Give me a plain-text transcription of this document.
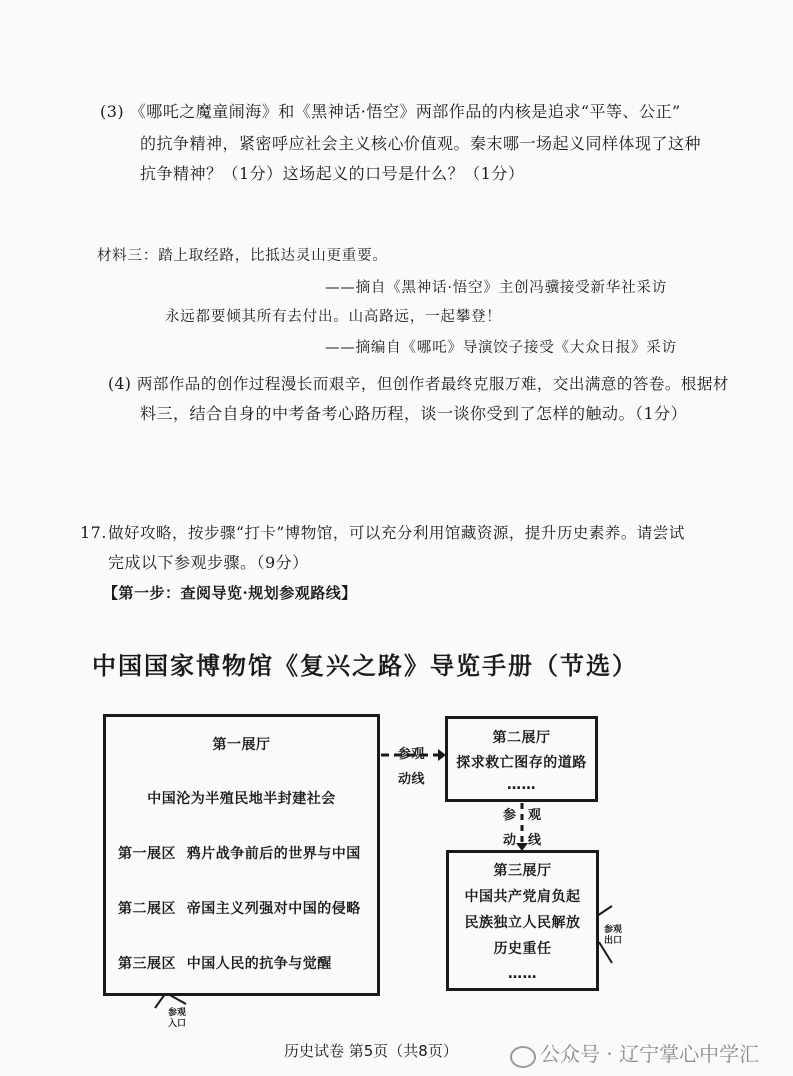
(3) 《哪吒之魔童闹海》和《黑神话·悟空》两部作品的内核是追求“平等、公正”
的抗争精神，紧密呼应社会主义核心价值观。秦末哪一场起义同样体现了这种
抗争精神？（1分）这场起义的口号是什么？（1分）
材料三：踏上取经路，比抵达灵山更重要。
——摘自《黑神话·悟空》主创冯骥接受新华社采访
永远都要倾其所有去付出。山高路远，一起攀登！
——摘编自《哪吒》导演饺子接受《大众日报》采访
(4) 两部作品的创作过程漫长而艰辛，但创作者最终克服万难，交出满意的答卷。根据材
料三，结合自身的中考备考心路历程，谈一谈你受到了怎样的触动。（1分）
17. 做好攻略，按步骤“打卡”博物馆，可以充分利用馆藏资源，提升历史素养。请尝试
完成以下参观步骤。（9分）
【第一步：查阅导览·规划参观路线】
中国国家博物馆《复兴之路》导览手册（节选）
第一展厅
中国沦为半殖民地半封建社会
第一展区 鸦片战争前后的世界与中国
第二展区 帝国主义列强对中国的侵略
第三展区 中国人民的抗争与觉醒
第二展厅
探求救亡图存的道路
……
第三展厅
中国共产党肩负起
民族独立人民解放
历史重任
……
参观
动线
参 观
动 线
参观
入口
参观
出口
历史试卷 第5页（共8页）	公众号 · 辽宁掌心中学汇
